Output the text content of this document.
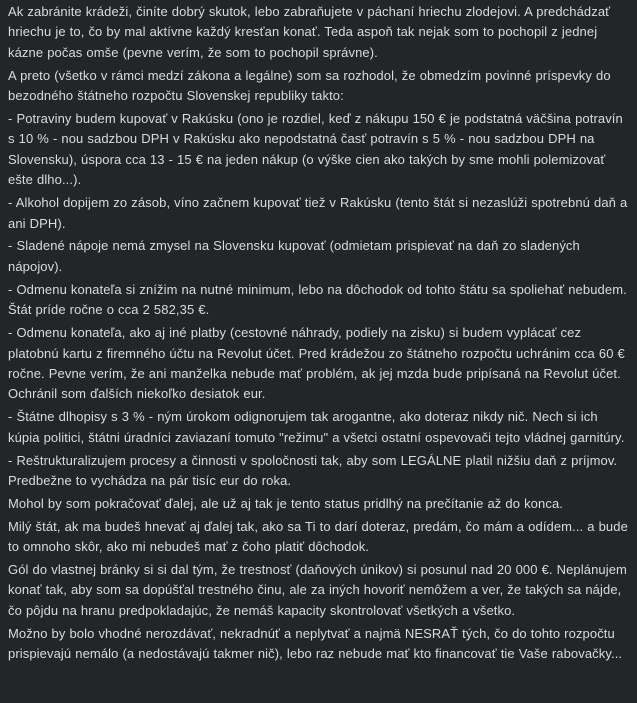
Ak zabránite krádeži, činíte dobrý skutok, lebo zabraňujete v páchaní hriechu zlodejovi. A predchádzať hriechu je to, čo by mal aktívne každý kresťan konať. Teda aspoň tak nejak som to pochopil z jednej kázne počas omše (pevne verím, že som to pochopil správne).

A preto (všetko v rámci medzí zákona a legálne) som sa rozhodol, že obmedzím povinné príspevky do bezodného štátneho rozpočtu Slovenskej republiky takto:

- Potraviny budem kupovať v Rakúsku (ono je rozdiel, keď z nákupu 150 € je podstatná väčšina potravín s 10 % - nou sadzbou DPH v Rakúsku ako nepodstatná časť potravín s 5 % - nou sadzbou DPH na Slovensku), úspora cca 13 - 15 € na jeden nákup (o výške cien ako takých by sme mohli polemizovať ešte dlho...).

- Alkohol dopijem zo zásob, víno začnem kupovať tiež v Rakúsku (tento štát si nezaslúži spotrebnú daň a ani DPH).

- Sladené nápoje nemá zmysel na Slovensku kupovať (odmietam prispievať na daň zo sladených nápojov).

- Odmenu konateľa si znížim na nutné minimum, lebo na dôchodok od tohto štátu sa spoliehať nebudem. Štát príde ročne o cca 2 582,35 €.

- Odmenu konateľa, ako aj iné platby (cestovné náhrady, podiely na zisku) si budem vyplácať cez platobnú kartu z firemného účtu na Revolut účet. Pred krádežou zo štátneho rozpočtu uchránim cca 60 € ročne. Pevne verím, že ani manželka nebude mať problém, ak jej mzda bude pripísaná na Revolut účet. Ochránil som ďalších niekoľko desiatok eur.

- Štátne dlhopisy s 3 % - ným úrokom odignorujem tak arogantne, ako doteraz nikdy nič. Nech si ich kúpia politici, štátni úradníci zaviazaní tomuto "režimu" a všetci ostatní ospevovači tejto vládnej garnitúry.

- Reštrukturalizujem procesy a činnosti v spoločnosti tak, aby som LEGÁLNE platil nižšiu daň z príjmov. Predbežne to vychádza na pár tisíc eur do roka.

Mohol by som pokračovať ďalej, ale už aj tak je tento status pridlhý na prečítanie až do konca.

Milý štát, ak ma budeš hnevať aj ďalej tak, ako sa Ti to darí doteraz, predám, čo mám a odídem... a bude to omnoho skôr, ako mi nebudeš mať z čoho platiť dôchodok.

Gól do vlastnej bránky si si dal tým, že trestnosť (daňových únikov) si posunul nad 20 000 €. Neplánujem konať tak, aby som sa dopúšťal trestného činu, ale za iných hovoriť nemôžem a ver, že takých sa nájde, čo pôjdu na hranu predpokladajúc, že nemáš kapacity skontrolovať všetkých a všetko.

Možno by bolo vhodné nerozdávať, nekradnúť a neplytvať a najmä NESRAŤ tých, čo do tohto rozpočtu prispievajú nemálo (a nedostávajú takmer nič), lebo raz nebude mať kto financovať tie Vaše rabovačky...
